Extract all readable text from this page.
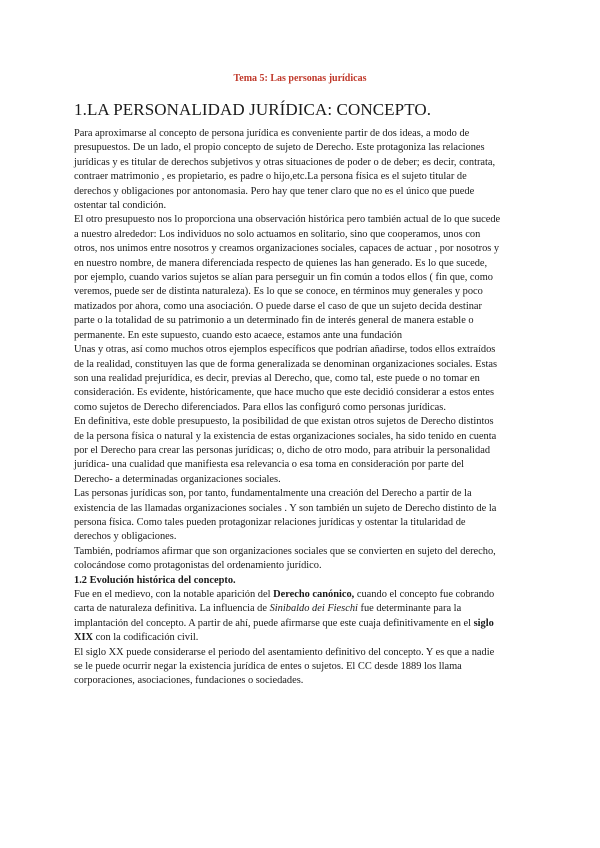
Tema 5: Las personas jurídicas
1.LA PERSONALIDAD JURÍDICA: CONCEPTO.

Para aproximarse al concepto de persona jurídica es conveniente partir de dos ideas, a modo de
presupuestos. De un lado, el propio concepto de sujeto de Derecho. Este protagoniza las relaciones
jurídicas y es titular de derechos subjetivos y otras situaciones de poder o de deber; es decir, contrata,
contraer matrimonio , es propietario, es padre o hijo,etc.La persona física es el sujeto titular de
derechos y obligaciones por antonomasia. Pero hay que tener claro que no es el único que puede
ostentar tal condición.

El otro presupuesto nos lo proporciona una observación histórica pero también actual de lo que sucede
a nuestro alrededor: Los individuos no solo actuamos en solitario, sino que cooperamos, unos con
otros, nos unimos entre nosotros y creamos organizaciones sociales, capaces de actuar , por nosotros y
en nuestro nombre, de manera diferenciada respecto de quienes las han generado. Es lo que sucede,
por ejemplo, cuando varios sujetos se alían para perseguir un fin común a todos ellos ( fin que, como
veremos, puede ser de distinta naturaleza). Es lo que se conoce, en términos muy generales y poco
matizados por ahora, como una asociación. O puede darse el caso de que un sujeto decida destinar
parte o la totalidad de su patrimonio a un determinado fin de interés general de manera estable o
permanente. En este supuesto, cuando esto acaece, estamos ante una fundación

Unas y otras, así como muchos otros ejemplos específicos que podrían añadirse, todos ellos extraídos
de la realidad, constituyen las que de forma generalizada se denominan organizaciones sociales. Estas
son una realidad prejurídica, es decir, previas al Derecho, que, como tal, este puede o no tomar en
consideración. Es evidente, históricamente, que hace mucho que este decidió considerar a estos entes
como sujetos de Derecho diferenciados. Para ellos las configuró como personas jurídicas.

En definitiva, este doble presupuesto, la posibilidad de que existan otros sujetos de Derecho distintos
de la persona física o natural y la existencia de estas organizaciones sociales, ha sido tenido en cuenta
por el Derecho para crear las personas jurídicas; o, dicho de otro modo, para atribuir la personalidad
jurídica- una cualidad que manifiesta esa relevancia o esa toma en consideración por parte del
Derecho- a determinadas organizaciones sociales.

Las personas jurídicas son, por tanto, fundamentalmente una creación del Derecho a partir de la
existencia de las llamadas organizaciones sociales . Y son también un sujeto de Derecho distinto de la
persona física. Como tales pueden protagonizar relaciones jurídicas y ostentar la titularidad de
derechos y obligaciones.

También, podríamos afirmar que son organizaciones sociales que se convierten en sujeto del derecho,
colocándose como protagonistas del ordenamiento jurídico.

1.2 Evolución histórica del concepto.

Fue en el medievo, con la notable aparición del Derecho canónico, cuando el concepto fue cobrando
carta de naturaleza definitiva. La influencia de Sinibaldo dei Fieschi fue determinante para la
implantación del concepto. A partir de ahí, puede afirmarse que este cuaja definitivamente en el siglo
XIX con la codificación civil.

El siglo XX puede considerarse el periodo del asentamiento definitivo del concepto. Y es que a nadie
se le puede ocurrir negar la existencia jurídica de entes o sujetos. El CC desde 1889 los llama
corporaciones, asociaciones, fundaciones o sociedades.
